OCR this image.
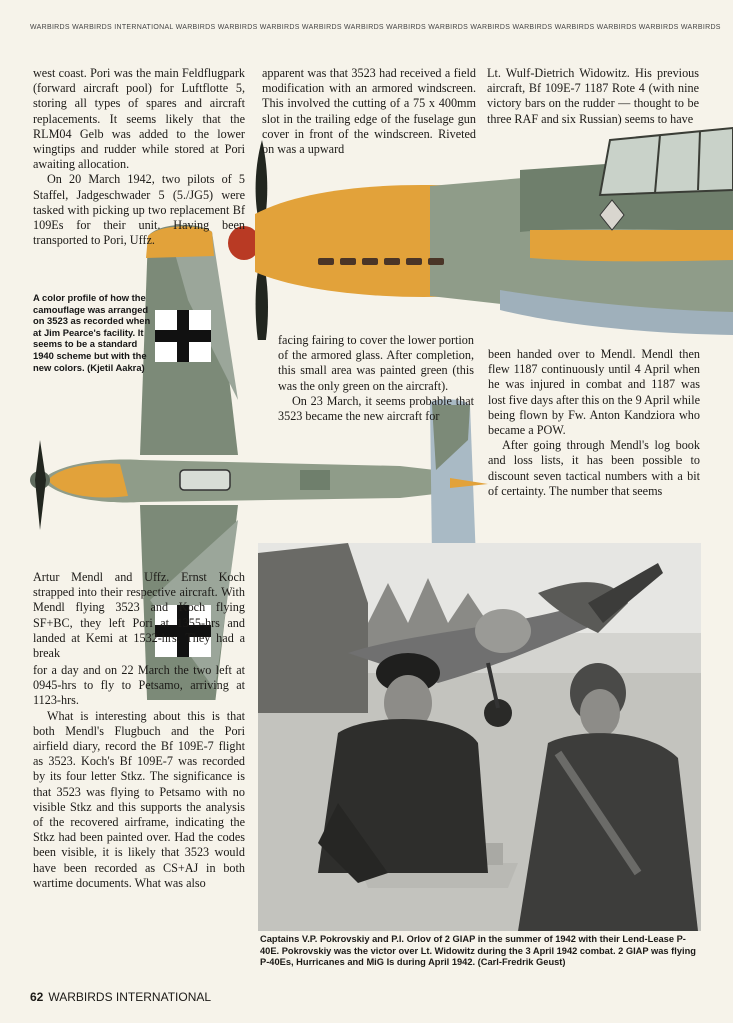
WARBIRDS WARBIRDS INTERNATIONAL WARBIRDS WARBIRDS WARBIRDS WARBIRDS WARBIRDS WARBIRDS WARBIRDS WARBIRDS WARBIRDS WARBIRDS WARBIRDS WARBIRDS WARBIRDS

west coast. Pori was the main Feldflugpark (forward aircraft pool) for Luftflotte 5, storing all types of spares and aircraft replacements. It seems likely that the RLM04 Gelb was added to the lower wingtips and rudder while stored at Pori awaiting allocation.

On 20 March 1942, two pilots of 5 Staffel, Jadgeschwader 5 (5./JG5) were tasked with picking up two replacement Bf 109Es for their unit. Having been transported to Pori, Uffz.

apparent was that 3523 had received a field modification with an armored windscreen. This involved the cutting of a 75 x 400mm slot in the trailing edge of the fuselage gun cover in front of the windscreen. Riveted on was a upward

Lt. Wulf-Dietrich Widowitz. His previous aircraft, Bf 109E-7 1187 Rote 4 (with nine victory bars on the rudder — thought to be three RAF and six Russian) seems to have

A color profile of how the camouflage was arranged on 3523 as recorded when at Jim Pearce's facility. It seems to be a standard 1940 scheme but with the new colors. (Kjetil Aakra)

facing fairing to cover the lower portion of the armored glass. After completion, this small area was painted green (this was the only green on the aircraft).

On 23 March, it seems probable that 3523 became the new aircraft for

been handed over to Mendl. Mendl then flew 1187 continuously until 4 April when he was injured in combat and 1187 was lost five days after this on the 9 April while being flown by Fw. Anton Kandziora who became a POW.

After going through Mendl's log book and loss lists, it has been possible to discount seven tactical numbers with a bit of certainty. The number that seems

Artur Mendl and Uffz. Ernst Koch strapped into their respective aircraft. With Mendl flying 3523 and Koch flying SF+BC, they left Pori at 1355-hrs and landed at Kemi at 1532-hrs. They had a break

for a day and on 22 March the two left at 0945-hrs to fly to Petsamo, arriving at 1123-hrs.

What is interesting about this is that both Mendl's Flugbuch and the Pori airfield diary, record the Bf 109E-7 flight as 3523. Koch's Bf 109E-7 was recorded by its four letter Stkz. The significance is that 3523 was flying to Petsamo with no visible Stkz and this supports the analysis of the recovered airframe, indicating the Stkz had been painted over. Had the codes been visible, it is likely that 3523 would have been recorded as CS+AJ in both wartime documents. What was also

Captains V.P. Pokrovskiy and P.I. Orlov of 2 GIAP in the summer of 1942 with their Lend-Lease P-40E. Pokrovskiy was the victor over Lt. Widowitz during the 3 April 1942 combat. 2 GIAP was flying P-40Es, Hurricanes and MiG Is during April 1942. (Carl-Fredrik Geust)
62 WARBIRDS INTERNATIONAL
